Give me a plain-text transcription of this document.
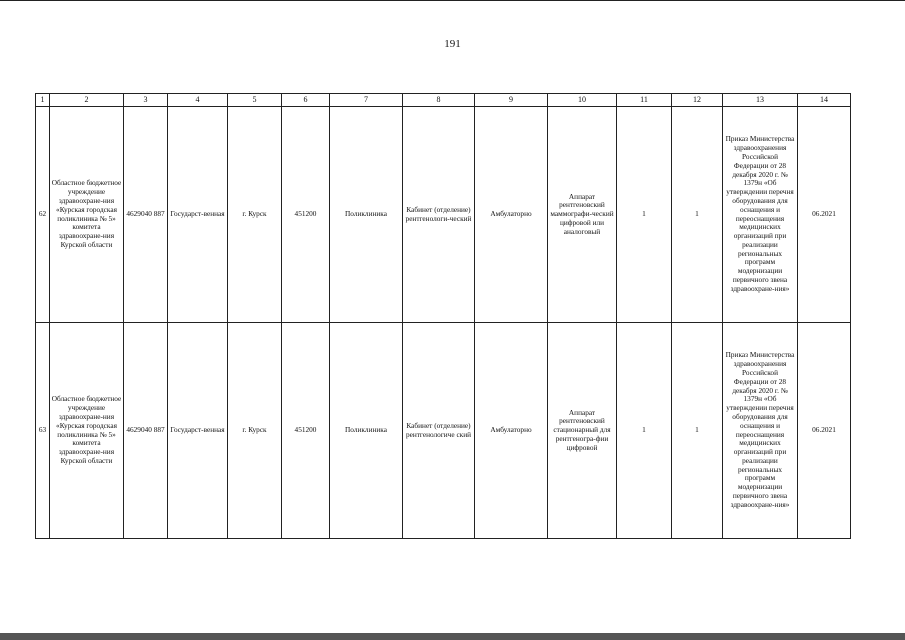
191
1	2	3	4	5	6	7	8	9	10	11	12	13	14
62	Областное бюджетное учреждение здравоохране-ния «Курская городская поликлиника № 5» комитета здравоохране-ния Курской области	4629040 887	Государст-венная	г. Курск	451200	Поликлиника	Кабинет (отделение) рентгенологи-ческий	Амбулаторно	Аппарат рентгеновский маммографи-ческий цифровой или аналоговый	1	1	Приказ Министерства здравоохранения Российской Федерации от 28 декабря 2020 г. № 1379н «Об утверждении перечня оборудования для оснащения и переоснащения медицинских организаций при реализации региональных программ модернизации первичного звена здравоохране-ния»	06.2021
63	Областное бюджетное учреждение здравоохране-ния «Курская городская поликлиника № 5» комитета здравоохране-ния Курской области	4629040 887	Государст-венная	г. Курск	451200	Поликлиника	Кабинет (отделение) рентгенологиче ский	Амбулаторно	Аппарат рентгеновский стационарный для рентгеногра-фии цифровой	1	1	Приказ Министерства здравоохранения Российской Федерации от 28 декабря 2020 г. № 1379н «Об утверждении перечня оборудования для оснащения и переоснащения медицинских организаций при реализации региональных программ модернизации первичного звена здравоохране-ния»	06.2021
